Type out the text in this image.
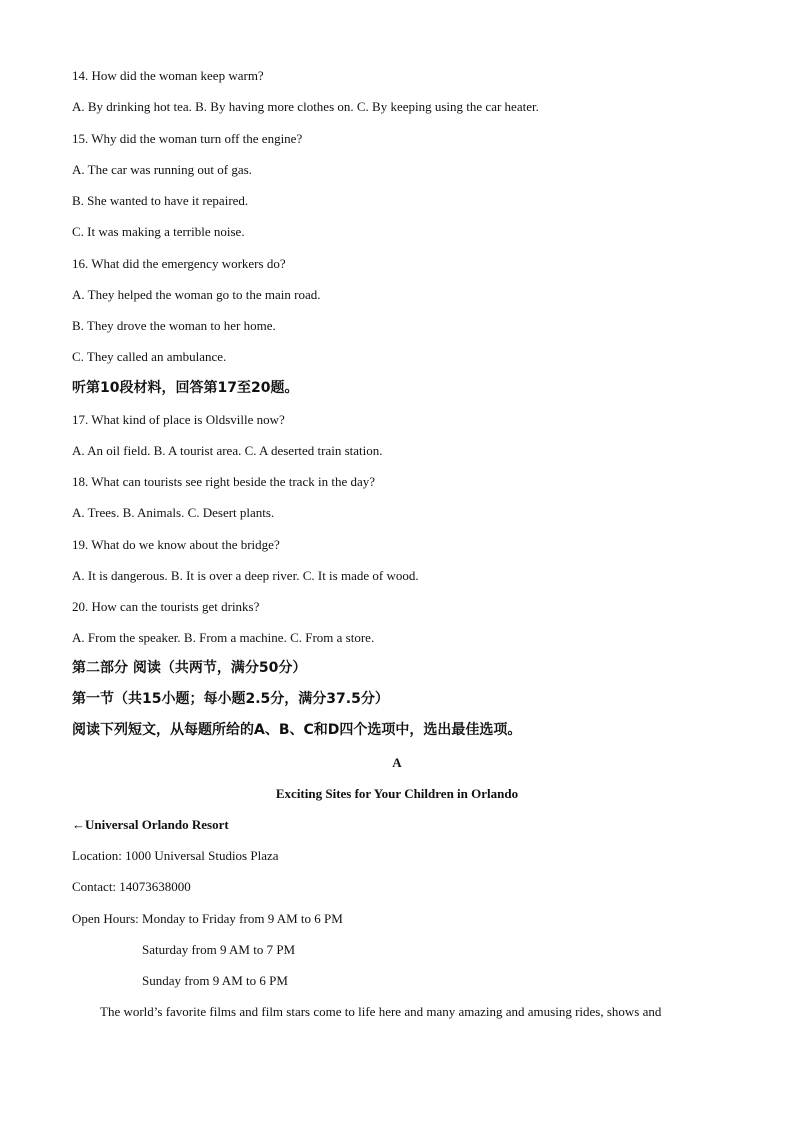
14. How did the woman keep warm?
A. By drinking hot tea. B. By having more clothes on. C. By keeping using the car heater.
15. Why did the woman turn off the engine?
A. The car was running out of gas.
B. She wanted to have it repaired.
C. It was making a terrible noise.
16. What did the emergency workers do?
A. They helped the woman go to the main road.
B. They drove the woman to her home.
C. They called an ambulance.
听第10段材料，回答第17至20题。
17. What kind of place is Oldsville now?
A. An oil field. B. A tourist area. C. A deserted train station.
18. What can tourists see right beside the track in the day?
A. Trees. B. Animals. C. Desert plants.
19. What do we know about the bridge?
A. It is dangerous. B. It is over a deep river. C. It is made of wood.
20. How can the tourists get drinks?
A. From the speaker. B. From a machine. C. From a store.
第二部分 阅读（共两节，满分50分）
第一节（共15小题；每小题2.5分，满分37.5分）
阅读下列短文，从每题所给的A、B、C和D四个选项中，选出最佳选项。
A
Exciting Sites for Your Children in Orlando
←Universal Orlando Resort
Location: 1000 Universal Studios Plaza
Contact: 14073638000
Open Hours: Monday to Friday from 9 AM to 6 PM
Saturday from 9 AM to 7 PM
Sunday from 9 AM to 6 PM
The world’s favorite films and film stars come to life here and many amazing and amusing rides, shows and
